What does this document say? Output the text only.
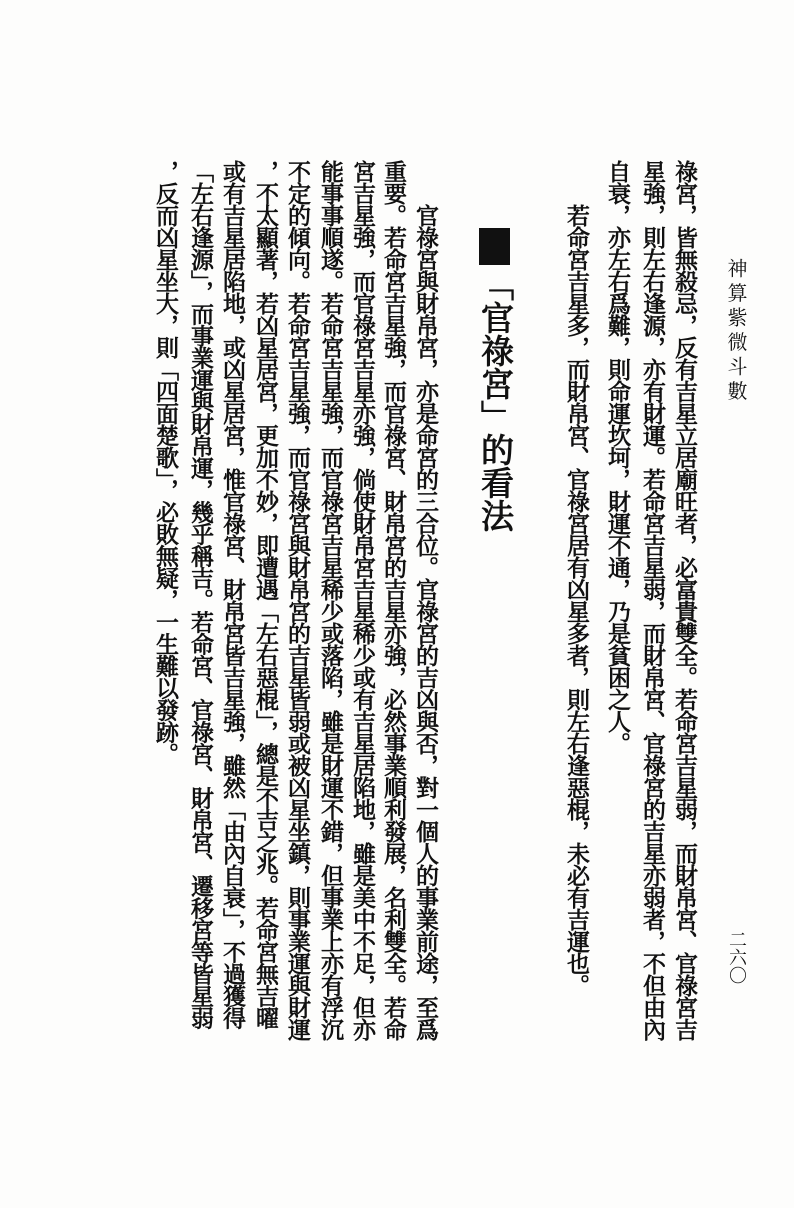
神算紫微斗數
二六〇
祿宮，皆無殺忌，反有吉星立居廟旺者，必富貴雙全。若命宮吉星弱，而財帛宮、官祿宮吉
星強，則左右逢源，亦有財運。若命宮吉星弱，而財帛宮、官祿宮的吉星亦弱者，不但由內
自衰，亦左右爲難，則命運坎坷，財運不通，乃是貧困之人。
若命宮吉星多，而財帛宮、官祿宮居有凶星多者，則左右逢惡棍，未必有吉運也。
「官祿宮」的看法
官祿宮與財帛宮，亦是命宮的三合位。官祿宮的吉凶與否，對一個人的事業前途，至爲
重要。若命宮吉星強，而官祿宮、財帛宮的吉星亦強，必然事業順利發展，名利雙全。若命
宮吉星強，而官祿宮吉星亦強，倘使財帛宮吉星稀少或有吉星居陷地，雖是美中不足，但亦
能事事順遂。若命宮吉星強，而官祿宮吉星稀少或落陷，雖是財運不錯，但事業上亦有浮沉
不定的傾向。若命宮吉星強，而官祿宮與財帛宮的吉星皆弱或被凶星坐鎮，則事業運與財運
，不太顯著，若凶星居宮，更加不妙，即遭遇「左右惡棍」，總是不吉之兆。若命宮無吉曜
或有吉星居陷地，或凶星居宮，惟官祿宮、財帛宮皆吉星強，雖然「由內自衰」，不過獲得
「左右逢源」，而事業運與財帛運，幾乎稱吉。若命宮、官祿宮、財帛宮、遷移宮等皆星弱
，反而凶星坐大，則「四面楚歌」，必敗無疑，一生難以發跡。
